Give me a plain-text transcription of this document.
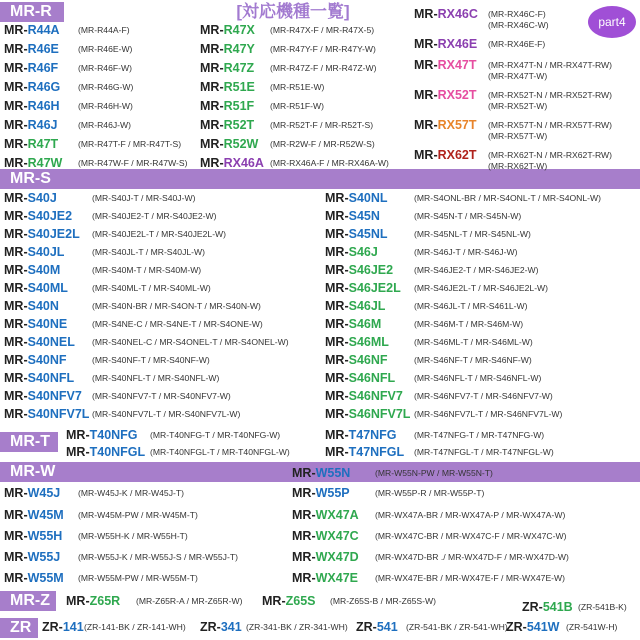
MR-R
MR-S
MR-T
MR-W
MR-Z
ZR
[対応機種一覧]
part4
MR-R44A (MR-R44A-F)
MR-R46E (MR-R46E-W)
MR-R46F (MR-R46F-W)
MR-R46G (MR-R46G-W)
MR-R46H (MR-R46H-W)
MR-R46J (MR-R46J-W)
MR-R47T (MR-R47T-F / MR-R47T-S)
MR-R47W (MR-R47W-F / MR-R47W-S)
MR-R47X (MR-R47X-F / MR-R47X-5)
MR-R47Y (MR-R47Y-F / MR-R47Y-W)
MR-R47Z (MR-R47Z-F / MR-R47Z-W)
MR-R51E (MR-R51E-W)
MR-R51F (MR-R51F-W)
MR-R52T (MR-R52T-F / MR-R52T-S)
MR-R52W (MR-R2W-F / MR-R52W-S)
MR-RX46A (MR-RX46A-F / MR-RX46A-W)
MR-RX46C (MR-RX46C-F)
(MR-RX46C-W)
MR-RX46E (MR-RX46E-F)
MR-RX47T (MR-RX47T-N / MR-RX47T-RW)
(MR-RX47T-W)
MR-RX52T (MR-RX52T-N / MR-RX52T-RW)
(MR-RX52T-W)
MR-RX57T (MR-RX57T-N / MR-RX57T-RW)
(MR-RX57T-W)
MR-RX62T (MR-RX62T-N / MR-RX62T-RW)
(MR-RX62T-W)
MR-S40J	(MR-S40J-T / MR-S40J-W)
MR-S40JE2 (MR-S40JE2-T / MR-S40JE2-W)
MR-S40JE2L (MR-S40JE2L-T / MR-S40JE2L-W)
MR-S40JL	(MR-S40JL-T / MR-S40JL-W)
MR-S40M	(MR-S40M-T / MR-S40M-W)
MR-S40ML	(MR-S40ML-T / MR-S40ML-W)
MR-S40N	(MR-S40N-BR / MR-S4ON-T / MR-S40N-W)
MR-S40NE	(MR-S4NE-C / MR-S4NE-T / MR-S4ONE-W)
MR-S40NEL (MR-S40NEL-C / MR-S4ONEL-T / MR-S4ONEL-W)
MR-S40NF	(MR-S40NF-T / MR-S40NF-W)
MR-S40NFL (MR-S40NFL-T / MR-S40NFL-W)
MR-S40NFV7 (MR-S40NFV7-T / MR-S40NFV7-W)
MR-S40NFV7L (MR-S40NFV7L-T / MR-S40NFV7L-W)
MR-S40NL	(MR-S4ONL-BR / MR-S4ONL-T / MR-S4ONL-W)
MR-S45N	(MR-S45N-T / MR-S45N-W)
MR-S45NL	(MR-S45NL-T / MR-S45NL-W)
MR-S46J	(MR-S46J-T / MR-S46J-W)
MR-S46JE2 (MR-S46JE2-T / MR-S46JE2-W)
MR-S46JE2L (MR-S46JE2L-T / MR-S46JE2L-W)
MR-S46JL	(MR-S46JL-T / MR-S461L-W)
MR-S46M	(MR-S46M-T / MR-S46M-W)
MR-S46ML	(MR-S46ML-T / MR-S46ML-W)
MR-S46NF	(MR-S46NF-T / MR-S46NF-W)
MR-S46NFL (MR-S46NFL-T / MR-S46NFL-W)
MR-S46NFV7 (MR-S46NFV7-T / MR-S46NFV7-W)
MR-S46NFV7L (MR-S46NFV7L-T / MR-S46NFV7L-W)
MR-T40NFG (MR-T40NFG-T / MR-T40NFG-W)
MR-T40NFGL (MR-T40NFGL-T / MR-T40NFGL-W)
MR-T47NFG (MR-T47NFG-T / MR-T47NFG-W)
MR-T47NFGL (MR-T47NFGL-T / MR-T47NFGL-W)
MR-W45J (MR-W45J-K / MR-W45J-T)
MR-W45M (MR-W45M-PW / MR-W45M-T)
MR-W55H (MR-W55H-K / MR-W55H-T)
MR-W55J (MR-W55J-K / MR-W55J-S / MR-W55J-T)
MR-W55M (MR-W55M-PW / MR-W55M-T)
MR-W55N	(MR-W55N-PW / MR-W55N-T)
MR-W55P	(MR-W55P-R / MR-W55P-T)
MR-WX47A (MR-WX47A-BR / MR-WX47A-P / MR-WX47A-W)
MR-WX47C (MR-WX47C-BR / MR-WX47C-F / MR-WX47C-W)
MR-WX47D (MR-WX47D-BR ./ MR-WX47D-F / MR-WX47D-W)
MR-WX47E (MR-WX47E-BR / MR-WX47E-F / MR-WX47E-W)
MR-Z65R (MR-Z65R-A / MR-Z65R-W) MR-Z65S (MR-Z65S-B / MR-Z65S-W)	ZR-541B (ZR-541B-K)
ZR-141 (ZR-141-BK / ZR-141-WH) ZR-341 (ZR-341-BK / ZR-341-WH) ZR-541 (ZR-541-BK / ZR-541-WH)
ZR-541W (ZR-541W-H)
